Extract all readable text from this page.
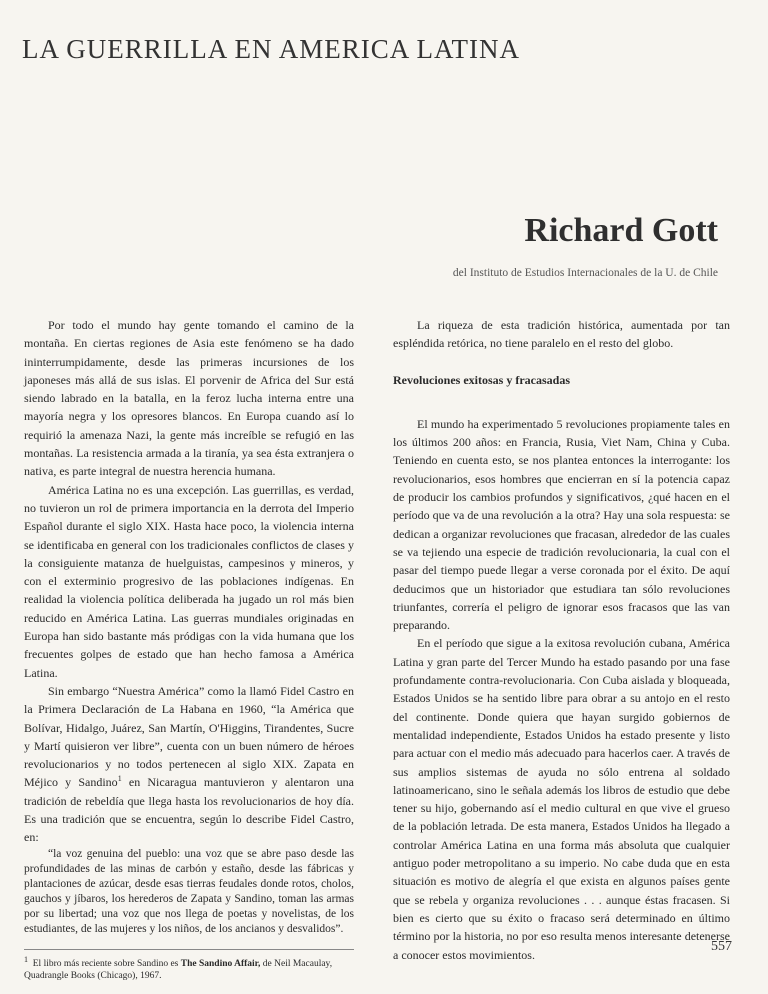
LA GUERRILLA EN AMERICA LATINA
Richard Gott
del Instituto de Estudios Internacionales de la U. de Chile

Por todo el mundo hay gente tomando el camino de la montaña. En ciertas regiones de Asia este fenómeno se ha dado ininterrumpidamente, desde las primeras incursiones de los japoneses más allá de sus islas. El porvenir de Africa del Sur está siendo labrado en la batalla, en la feroz lucha interna entre una mayoría negra y los opresores blancos. En Europa cuando así lo requirió la amenaza Nazi, la gente más increíble se refugió en las montañas. La resistencia armada a la tiranía, ya sea ésta extranjera o nativa, es parte integral de nuestra herencia humana.

América Latina no es una excepción. Las guerrillas, es verdad, no tuvieron un rol de primera importancia en la derrota del Imperio Español durante el siglo XIX. Hasta hace poco, la violencia interna se identificaba en general con los tradicionales conflictos de clases y la consiguiente matanza de huelguistas, campesinos y mineros, y con el exterminio progresivo de las poblaciones indígenas. En realidad la violencia política deliberada ha jugado un rol más bien reducido en América Latina. Las guerras mundiales originadas en Europa han sido bastante más pródigas con la vida humana que los frecuentes golpes de estado que han hecho famosa a América Latina.

Sin embargo “Nuestra América” como la llamó Fidel Castro en la Primera Declaración de La Habana en 1960, “la América que Bolívar, Hidalgo, Juárez, San Martín, O'Higgins, Tirandentes, Sucre y Martí quisieron ver libre”, cuenta con un buen número de héroes revolucionarios y no todos pertenecen al siglo XIX. Zapata en Méjico y Sandino$^1$ en Nicaragua mantuvieron y alentaron una tradición de rebeldía que llega hasta los revolucionarios de hoy día. Es una tradición que se encuentra, según lo describe Fidel Castro, en:

“la voz genuina del pueblo: una voz que se abre paso desde las profundidades de las minas de carbón y estaño, desde las fábricas y plantaciones de azúcar, desde esas tierras feudales donde rotos, cholos, gauchos y jíbaros, los herederos de Zapata y Sandino, toman las armas por su libertad; una voz que nos llega de poetas y novelistas, de los estudiantes, de las mujeres y los niños, de los ancianos y desvalidos”.

$^1$ El libro más reciente sobre Sandino es The Sandino Affair, de Neil Macaulay, Quadrangle Books (Chicago), 1967.

La riqueza de esta tradición histórica, aumentada por tan espléndida retórica, no tiene paralelo en el resto del globo.

Revoluciones exitosas y fracasadas

El mundo ha experimentado 5 revoluciones propiamente tales en los últimos 200 años: en Francia, Rusia, Viet Nam, China y Cuba. Teniendo en cuenta esto, se nos plantea entonces la interrogante: los revolucionarios, esos hombres que encierran en sí la potencia capaz de producir los cambios profundos y significativos, ¿qué hacen en el período que va de una revolución a la otra? Hay una sola respuesta: se dedican a organizar revoluciones que fracasan, alrededor de las cuales se va tejiendo una especie de tradición revolucionaria, la cual con el pasar del tiempo puede llegar a verse coronada por el éxito. De aquí deducimos que un historiador que estudiara tan sólo revoluciones triunfantes, correría el peligro de ignorar esos fracasos que las van preparando.

En el período que sigue a la exitosa revolución cubana, América Latina y gran parte del Tercer Mundo ha estado pasando por una fase profundamente contra-revolucionaria. Con Cuba aislada y bloqueada, Estados Unidos se ha sentido libre para obrar a su antojo en el resto del continente. Donde quiera que hayan surgido gobiernos de mentalidad independiente, Estados Unidos ha estado presente y listo para actuar con el medio más adecuado para hacerlos caer. A través de sus amplios sistemas de ayuda no sólo entrena al soldado latinoamericano, sino le señala además los libros de estudio que debe tener su hijo, gobernando así el medio cultural en que vive el grueso de la población letrada. De esta manera, Estados Unidos ha llegado a controlar América Latina en una forma más absoluta que cualquier antiguo poder metropolitano a su imperio. No cabe duda que en esta situación es motivo de alegría el que exista en algunos países gente que se rebela y organiza revoluciones . . . aunque éstas fracasen. Si bien es cierto que su éxito o fracaso será determinado en último término por la historia, no por eso resulta menos interesante detenerse a conocer estos movimientos.

557
